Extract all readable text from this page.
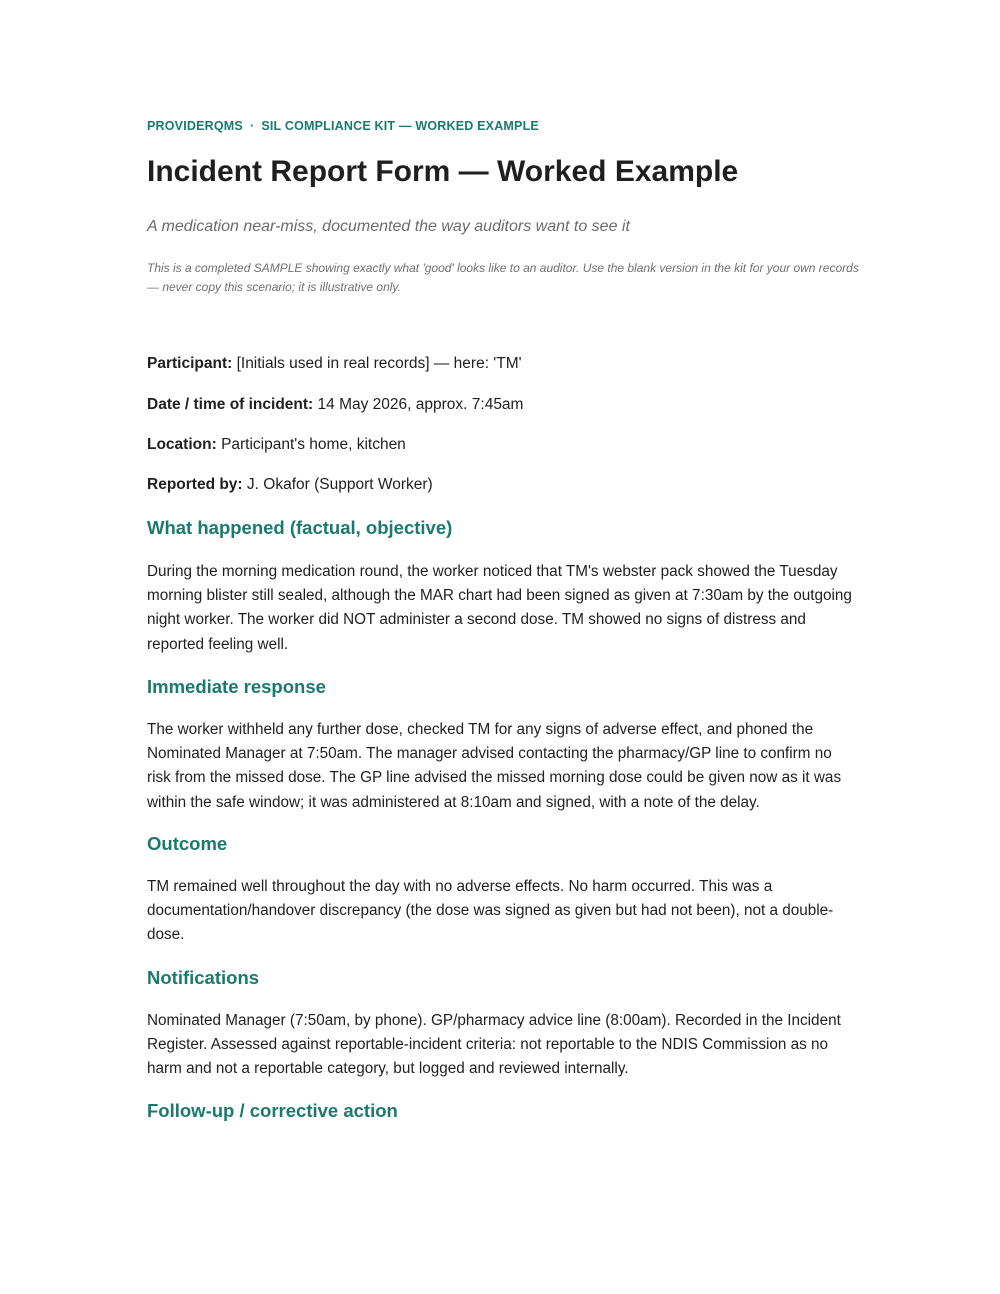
PROVIDERQMS · SIL COMPLIANCE KIT — WORKED EXAMPLE
Incident Report Form — Worked Example
A medication near-miss, documented the way auditors want to see it
This is a completed SAMPLE showing exactly what 'good' looks like to an auditor. Use the blank version in the kit for your own records — never copy this scenario; it is illustrative only.
Participant: [Initials used in real records] — here: 'TM'
Date / time of incident: 14 May 2026, approx. 7:45am
Location: Participant's home, kitchen
Reported by: J. Okafor (Support Worker)
What happened (factual, objective)

During the morning medication round, the worker noticed that TM's webster pack showed the Tuesday morning blister still sealed, although the MAR chart had been signed as given at 7:30am by the outgoing night worker. The worker did NOT administer a second dose. TM showed no signs of distress and reported feeling well.

Immediate response

The worker withheld any further dose, checked TM for any signs of adverse effect, and phoned the Nominated Manager at 7:50am. The manager advised contacting the pharmacy/GP line to confirm no risk from the missed dose. The GP line advised the missed morning dose could be given now as it was within the safe window; it was administered at 8:10am and signed, with a note of the delay.

Outcome

TM remained well throughout the day with no adverse effects. No harm occurred. This was a documentation/handover discrepancy (the dose was signed as given but had not been), not a double-dose.

Notifications

Nominated Manager (7:50am, by phone). GP/pharmacy advice line (8:00am). Recorded in the Incident Register. Assessed against reportable-incident criteria: not reportable to the NDIS Commission as no harm and not a reportable category, but logged and reviewed internally.

Follow-up / corrective action
